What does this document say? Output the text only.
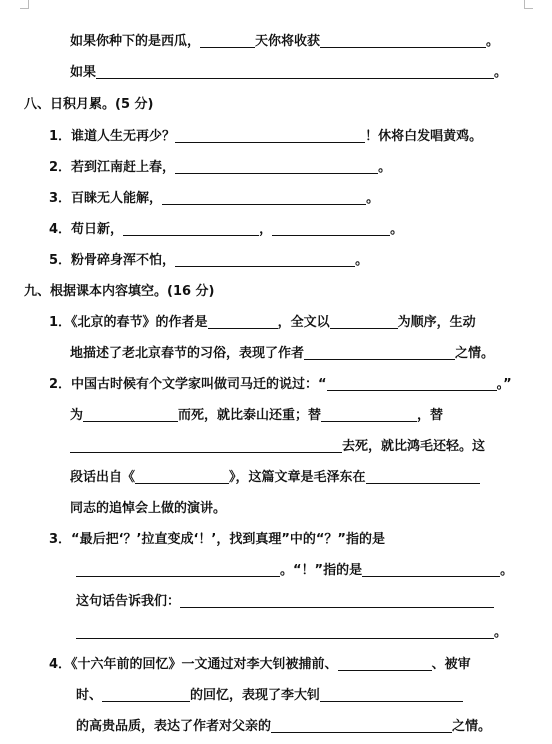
如果你种下的是西瓜，	天你将收获	。
如果	。
八、日积月累。(5 分)
1．谁道人生无再少？	！休将白发唱黄鸡。
2．若到江南赶上春，	。
3．百睐无人能解，	。
4．苟日新，	，	。
5．粉骨碎身浑不怕，	。
九、根据课本内容填空。(16 分)
1．《北京的春节》的作者是	，全文以	为顺序，生动
地描述了老北京春节的习俗，表现了作者	之情。
2．中国古时候有个文学家叫做司马迁的说过：“	。”
为	而死，就比泰山还重；替	，替
去死，就比鸿毛还轻。这
段话出自《	》，这篇文章是毛泽东在
同志的追悼会上做的演讲。
3．“最后把‘？’拉直变成‘！’，找到真理”中的“？”指的是
。“！”指的是	。
这句话告诉我们：
。
4．《十六年前的回忆》一文通过对李大钊被捕前、	、被审
时、	的回忆，表现了李大钊
的高贵品质，表达了作者对父亲的	之情。
